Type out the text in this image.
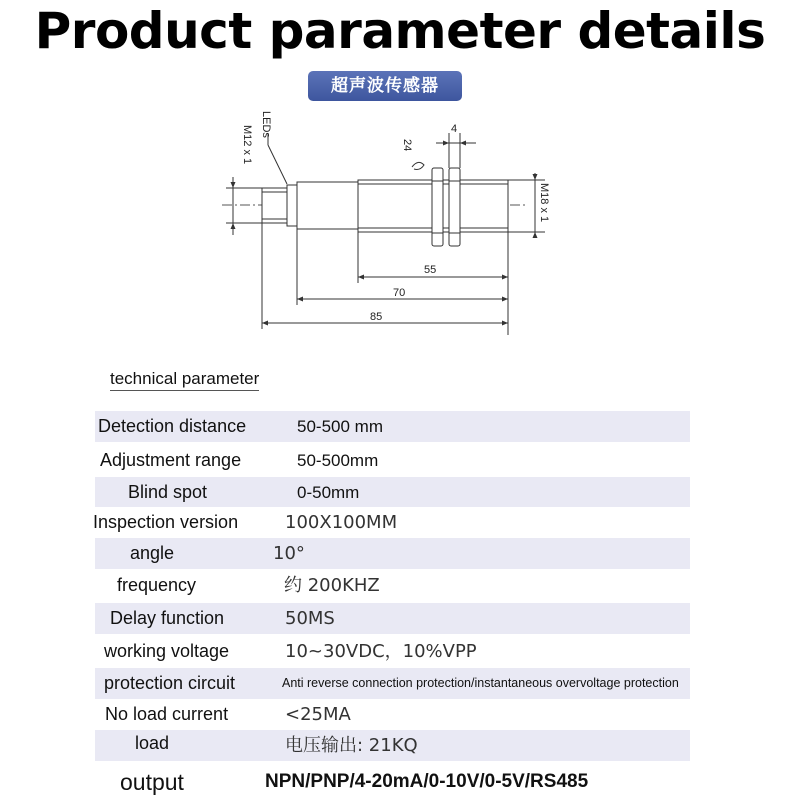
Product parameter details
超声波传感器
M12 x 1
LEDs
24
4
M18 x 1
55
70
85
technical parameter
Detection distance	50-500 mm
Adjustment range	50-500mm
Blind spot	0-50mm
Inspection version	100X100MM
angle	10°
frequency	约 200KHZ
Delay function	50MS
working voltage	10~30VDC，10%VPP
protection circuit	Anti reverse connection protection/instantaneous overvoltage protection
No load current	<25MA
load	电压输出: 21KQ
output	NPN/PNP/4-20mA/0-10V/0-5V/RS485
